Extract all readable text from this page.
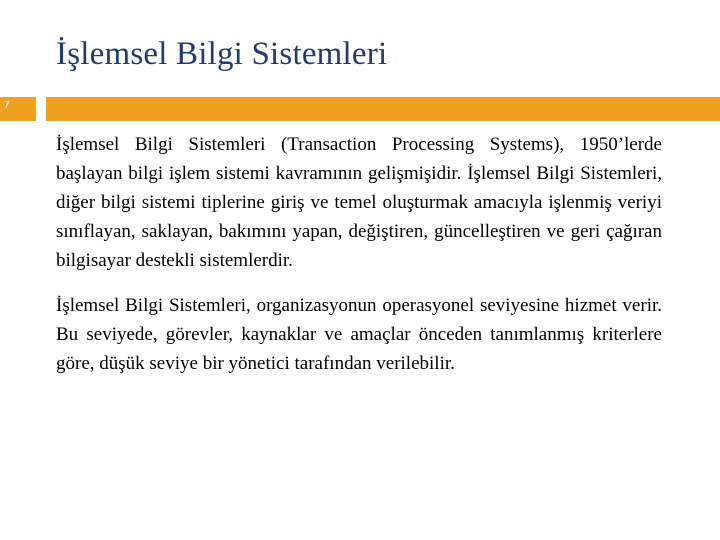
İşlemsel Bilgi Sistemleri
7

İşlemsel Bilgi Sistemleri (Transaction Processing Systems), 1950’lerde başlayan bilgi işlem sistemi kavramının gelişmişidir. İşlemsel Bilgi Sistemleri, diğer bilgi sistemi tiplerine giriş ve temel oluşturmak amacıyla işlenmiş veriyi sınıflayan, saklayan, bakımını yapan, değiştiren, güncelleştiren ve geri çağıran bilgisayar destekli sistemlerdir.

İşlemsel Bilgi Sistemleri, organizasyonun operasyonel seviyesine hizmet verir. Bu seviyede, görevler, kaynaklar ve amaçlar önceden tanımlanmış kriterlere göre, düşük seviye bir yönetici tarafından verilebilir.
